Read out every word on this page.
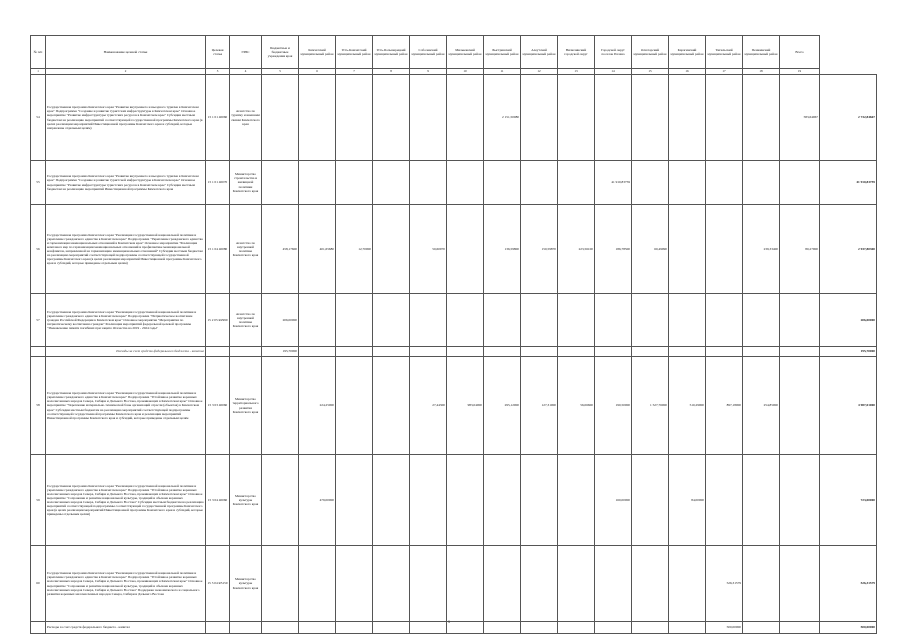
№ п/п	Наименование целевой статьи	Целевая статья	ГРБС	Бюджетные и бюджетные учреждения края	Камчатский муниципальный район	Усть-Камчатский муниципальный район	Усть-Большерецкий муниципальный район	Соболевский муниципальный район	Мильковский муниципальный район	Быстринский муниципальный район	Алеутский муниципальный район	Вилючинский городской округ	Городской округ поселок Палана	Олюторский муниципальный район	Карагинский муниципальный район	Тигильский муниципальный район	Пенжинский муниципальный район	Всего	
1	2	3	4	5	6	7	8	9	10	11	12	13	14	15	16	17	18	19	
54	Государственная программа Камчатского края "Развитие внутреннего и въездного туризма в Камчатском крае" Подпрограмма "Создание и развитие туристских инфраструктуры в Камчатском крае" Основное мероприятие "Развитие инфраструктуры туристских ресурсов в Камчатском крае" Субсидии местным бюджетам на реализацию мероприятий соответствующей государственной программы Камчатского края (в целях реализации мероприятий Инвестиционной программы Камчатского края и субсидий, которые направлены отдельным целям)	15 1 01 40060	Агентство по туризму и внешним связям Камчатского края							2 151,50080								583,64967	2 732,84667
55	Государственная программа Камчатского края "Развитие внутреннего и въездного туризма в Камчатском крае" Подпрограмма "Создание и развитие туристской инфраструктуры в Камчатском крае" Основное мероприятие "Развитие инфраструктуры туристских ресурсов в Камчатском крае" Субсидии местным бюджетам на реализацию мероприятий Инвестиционной программы Камчатского края	15 1 01 40070	Министерство строительства и жилищной политики Камчатского края										41 910,83759						41 910,83759
56	Государственная программа Камчатского края "Реализация государственной национальной политики и укрепление гражданского единства в Камчатском крае" Подпрограмма "Укрепление гражданского единства и гармонизация межнациональных отношений в Камчатском крае" Основное мероприятие "Реализация комплекса мер по гармонизации межнациональных отношений и профилактике межнациональной конфликтов, направленной на гармонизацию межнациональных отношений" Субсидии местным бюджетам на реализацию мероприятий соответствующей подпрограммы соответствующей государственной программы Камчатского края (в целях реализации мероприятий Инвестиционной программы Камчатского края и субсидий, которые приведены отдельным целям)	15 1 04 40080	Агентство по внутренней политике Камчатского края	458,17600	401,65680	12,70000		50,60970		136,59800	150,59870	223,56100	186,78500	60,49990			239,33400	80,27900	2 937,80300
57	Государственная программа Камчатского края "Реализация государственной национальной политики и укрепление гражданского единства в Камчатском крае" Подпрограмма "Патриотическое воспитание граждан Российской Федерации в Камчатском крае" Основное мероприятие "Мероприятия по патриотическому воспитанию граждан" Реализация мероприятий федеральной целевой программы "Увековечение памяти погибших при защите Отечества на 2019 - 2024 годы"	15 2 05 R2990	Агентство по внутренней политике Камчатского края	206,00000															206,00000
	Расходы за счет средств федерального бюджета - капитал			195,70000															195,70000
58	Государственная программа Камчатского края "Реализация государственной национальной политики и укрепление гражданского единства в Камчатском крае" Подпрограмма "Устойчивое развитие коренных малочисленных народов Севера, Сибири и Дальнего Востока, проживающих в Камчатском крае" Основное мероприятие "Укрепление материально-технической базы организаций отрасли (объектов) в Камчатском крае" Субсидии местным бюджетам на реализацию мероприятий соответствующей подпрограммы соответствующей государственной программы Камчатского края и реализации мероприятий Инвестиционной программы Камчатского края и субсидий, которые приведены отдельным целям	15 3 03 40060	Министерство территориального развития Камчатского края		224,25000			27,44300	983,04000	295,12000	127,31000	56,06600	190,50000	1 527,76000	510,29900	897,18000	254,85000		4 987,01000
59	Государственная программа Камчатского края "Реализация государственной национальной политики и укрепление гражданского единства в Камчатском крае" Подпрограмма "Устойчивое развитие коренных малочисленных народов Севера, Сибири и Дальнего Востока, проживающих в Камчатском крае" Основное мероприятие "Сохранение и развитие национальной культуры, традиций и обычаев коренных малочисленных народов Севера, Сибири и Дальнего Востока" Субсидии местным бюджетам на реализацию мероприятий соответствующей подпрограммы соответствующей государственной программы Камчатского края (в целях реализации мероприятий Инвестиционной программы Камчатского края и субсидий, которые приведены отдельным целям)	15 3 04 40060	Министерство культуры Камчатского края		479,00000								160,00000		84,00000				723,00000
60	Государственная программа Камчатского края "Реализация государственной национальной политики и укрепление гражданского единства в Камчатском крае" Подпрограмма "Устойчивое развитие коренных малочисленных народов Севера, Сибири и Дальнего Востока, проживающих в Камчатском крае" Основное мероприятие "Сохранение и развитие национальной культуры, традиций и обычаев коренных малочисленных народов Севера, Сибири и Дальнего Востока" Поддержка экономического и социального развития коренных малочисленных народов Севера, Сибири и Дальнего Востока	15 3 04 R5150	Министерство культуры Камчатского края													526,31579			526,31579
	Расходы за счет средств федерального бюджета - капитал															500,00000			500,00000
5
